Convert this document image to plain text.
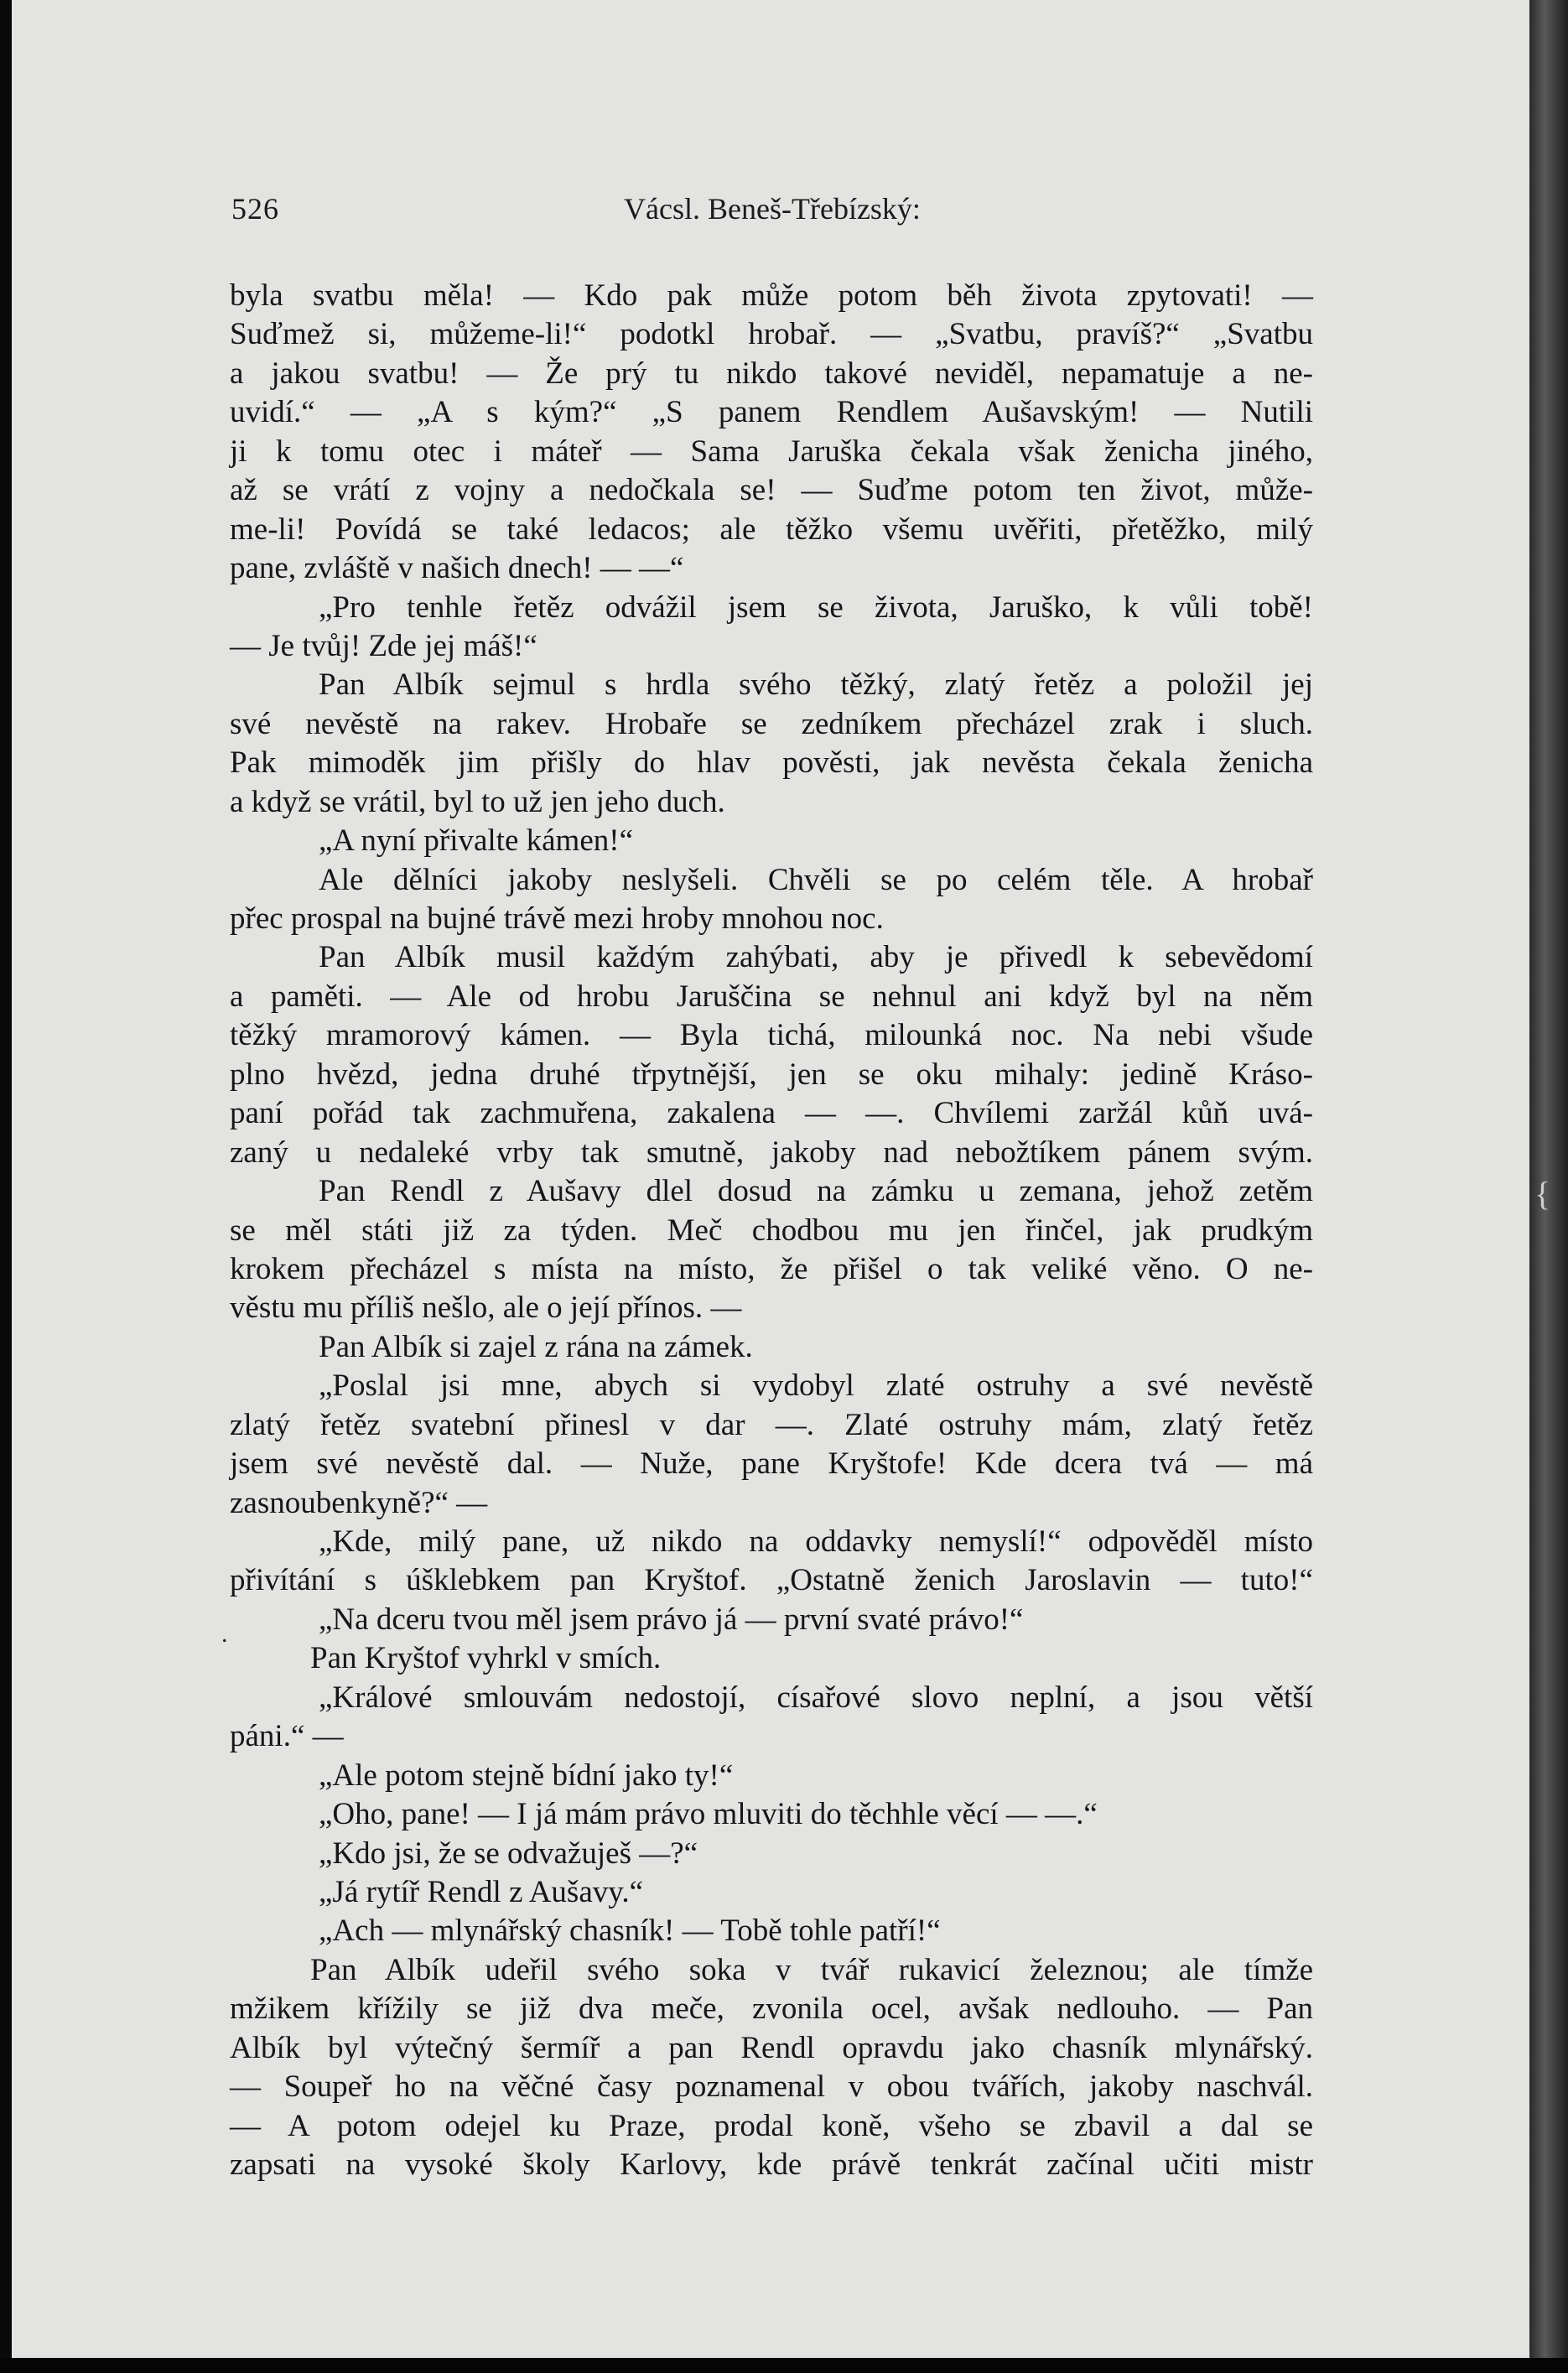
{
.
526	Vácsl. Beneš-Třebízský:
byla svatbu měla! — Kdo pak může potom běh života zpytovati! —
Suďmež si, můžeme-li!“ podotkl hrobař. — „Svatbu, pravíš?“ „Svatbu
a jakou svatbu! — Že prý tu nikdo takové neviděl, nepamatuje a ne-
uvidí.“ — „A s kým?“ „S panem Rendlem Aušavským! — Nutili
ji k tomu otec i máteř — Sama Jaruška čekala však ženicha jiného,
až se vrátí z vojny a nedočkala se! — Suďme potom ten život, může-
me-li! Povídá se také ledacos; ale těžko všemu uvěřiti, přetěžko, milý
pane, zvláště v našich dnech! — —“
„Pro tenhle řetěz odvážil jsem se života, Jaruško, k vůli tobě!
— Je tvůj! Zde jej máš!“
Pan Albík sejmul s hrdla svého těžký, zlatý řetěz a položil jej
své nevěstě na rakev. Hrobaře se zedníkem přecházel zrak i sluch.
Pak mimoděk jim přišly do hlav pověsti, jak nevěsta čekala ženicha
a když se vrátil, byl to už jen jeho duch.
„A nyní přivalte kámen!“
Ale dělníci jakoby neslyšeli. Chvěli se po celém těle. A hrobař
přec prospal na bujné trávě mezi hroby mnohou noc.
Pan Albík musil každým zahýbati, aby je přivedl k sebevědomí
a paměti. — Ale od hrobu Jaruščina se nehnul ani když byl na něm
těžký mramorový kámen. — Byla tichá, milounká noc. Na nebi všude
plno hvězd, jedna druhé třpytnější, jen se oku mihaly: jedině Kráso-
paní pořád tak zachmuřena, zakalena — —. Chvílemi zaržál kůň uvá-
zaný u nedaleké vrby tak smutně, jakoby nad nebožtíkem pánem svým.
Pan Rendl z Aušavy dlel dosud na zámku u zemana, jehož zetěm
se měl státi již za týden. Meč chodbou mu jen řinčel, jak prudkým
krokem přecházel s místa na místo, že přišel o tak veliké věno. O ne-
věstu mu příliš nešlo, ale o její přínos. —
Pan Albík si zajel z rána na zámek.
„Poslal jsi mne, abych si vydobyl zlaté ostruhy a své nevěstě
zlatý řetěz svatební přinesl v dar —. Zlaté ostruhy mám, zlatý řetěz
jsem své nevěstě dal. — Nuže, pane Kryštofe! Kde dcera tvá — má
zasnoubenkyně?“ —
„Kde, milý pane, už nikdo na oddavky nemyslí!“ odpověděl místo
přivítání s úšklebkem pan Kryštof. „Ostatně ženich Jaroslavin — tuto!“
„Na dceru tvou měl jsem právo já — první svaté právo!“
Pan Kryštof vyhrkl v smích.
„Králové smlouvám nedostojí, císařové slovo neplní, a jsou větší
páni.“ —
„Ale potom stejně bídní jako ty!“
„Oho, pane! — I já mám právo mluviti do těchhle věcí — —.“
„Kdo jsi, že se odvažuješ —?“
„Já rytíř Rendl z Aušavy.“
„Ach — mlynářský chasník! — Tobě tohle patří!“
Pan Albík udeřil svého soka v tvář rukavicí železnou; ale tímže
mžikem křížily se již dva meče, zvonila ocel, avšak nedlouho. — Pan
Albík byl výtečný šermíř a pan Rendl opravdu jako chasník mlynářský.
— Soupeř ho na věčné časy poznamenal v obou tvářích, jakoby naschvál.
— A potom odejel ku Praze, prodal koně, všeho se zbavil a dal se
zapsati na vysoké školy Karlovy, kde právě tenkrát začínal učiti mistr
